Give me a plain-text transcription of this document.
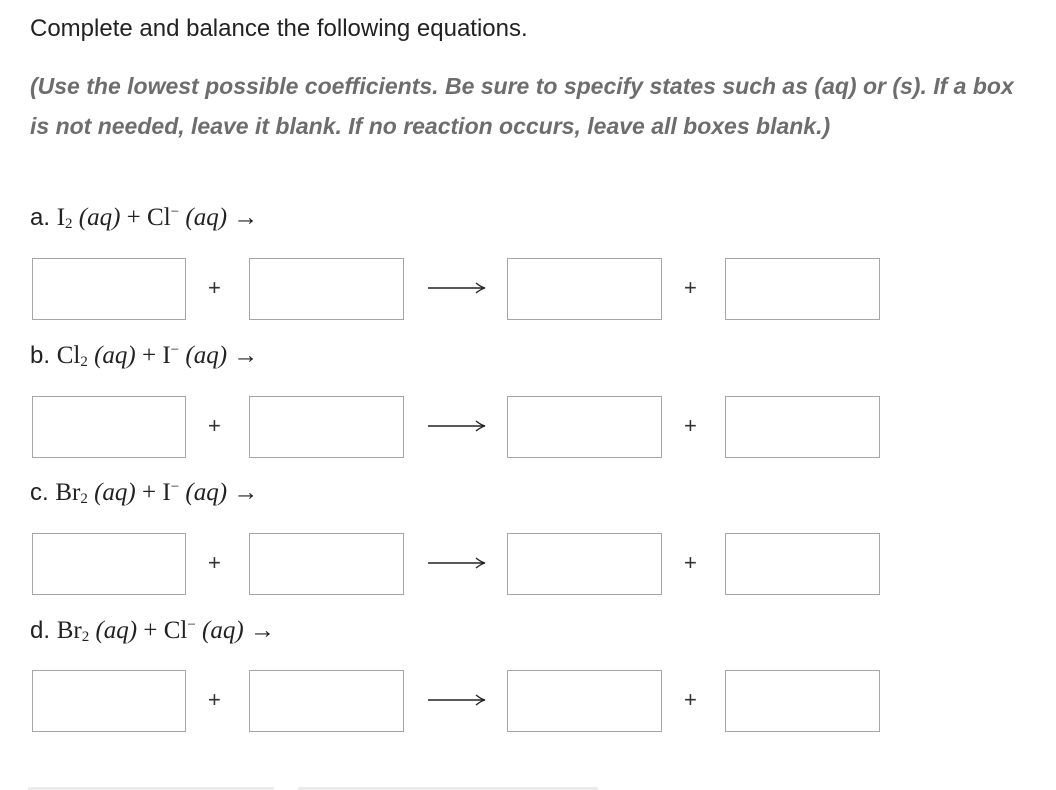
Complete and balance the following equations.
(Use the lowest possible coefficients. Be sure to specify states such as (aq) or (s). If a box is not needed, leave it blank. If no reaction occurs, leave all boxes blank.)
a. $I_2$ (aq) + Cl− (aq) →
+	+
b. $Cl_2$ (aq) + I− (aq) →
+	+
c. $Br_2$ (aq) + I− (aq) →
+	+
d. $Br_2$ (aq) + Cl− (aq) →
+	+
